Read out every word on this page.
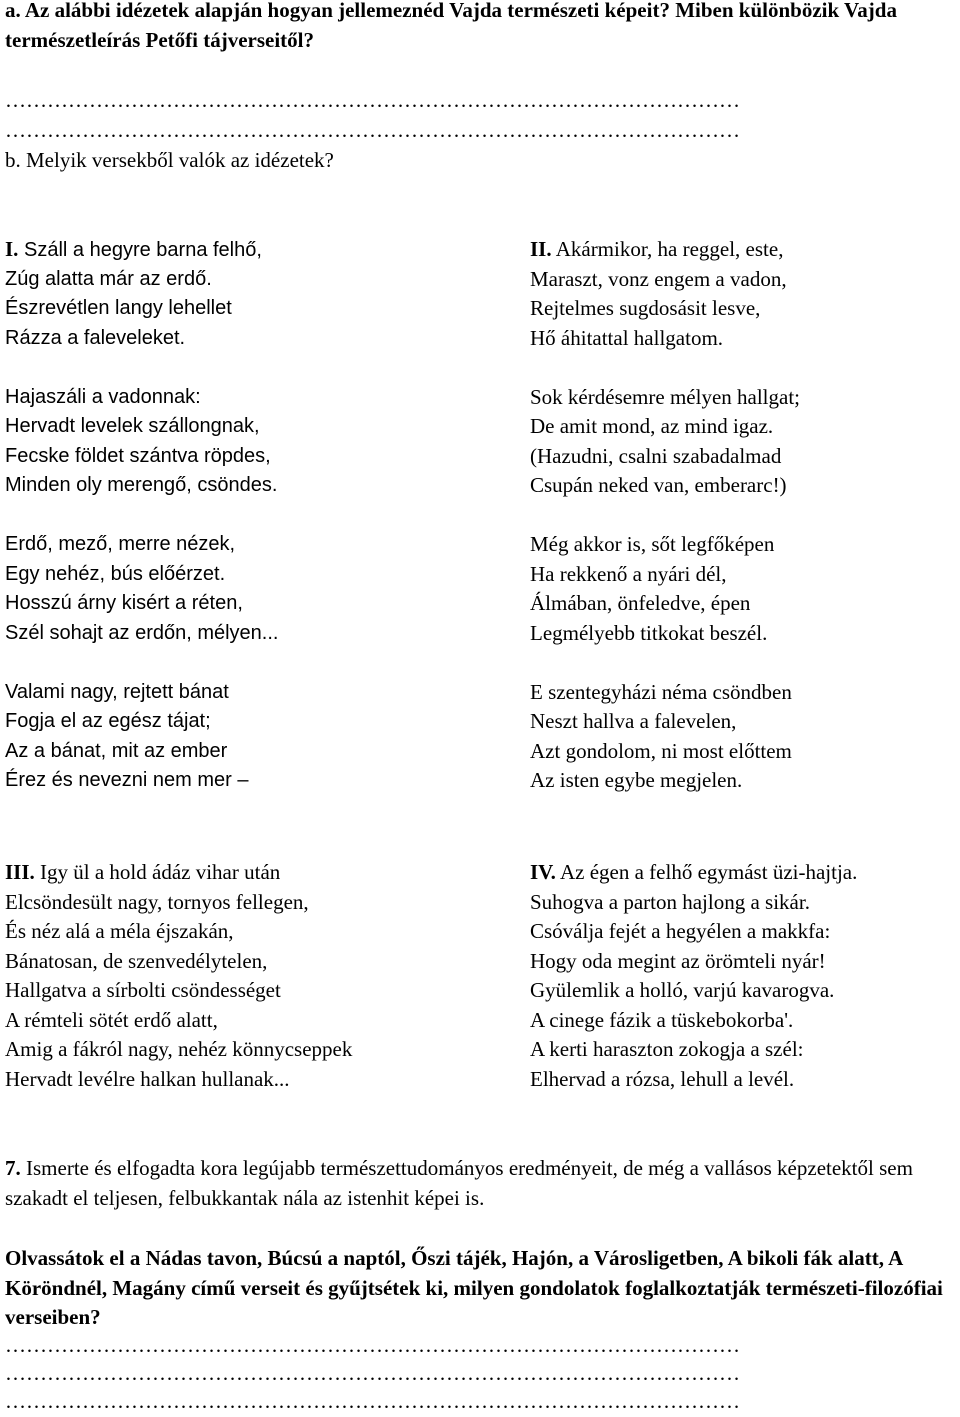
a. Az alábbi idézetek alapján hogyan jellemeznéd Vajda természeti képeit? Miben különbözik Vajda természetleírás Petőfi tájverseitől?
……………………………………………………………………………………………
……………………………………………………………………………………………
b. Melyik versekből valók az idézetek?
I. Száll a hegyre barna felhő,
Zúg alatta már az erdő.
Észrevétlen langy lehellet
Rázza a faleveleket.
Hajaszáli a vadonnak:
Hervadt levelek szállongnak,
Fecske földet szántva röpdes,
Minden oly merengő, csöndes.
Erdő, mező, merre nézek,
Egy nehéz, bús előérzet.
Hosszú árny kisért a réten,
Szél sohajt az erdőn, mélyen...
Valami nagy, rejtett bánat
Fogja el az egész tájat;
Az a bánat, mit az ember
Érez és nevezni nem mer –
II. Akármikor, ha reggel, este,
Maraszt, vonz engem a vadon,
Rejtelmes sugdosásit lesve,
Hő áhitattal hallgatom.
Sok kérdésemre mélyen hallgat;
De amit mond, az mind igaz.
(Hazudni, csalni szabadalmad
Csupán neked van, emberarc!)
Még akkor is, sőt legfőképen
Ha rekkenő a nyári dél,
Álmában, önfeledve, épen
Legmélyebb titkokat beszél.
E szentegyházi néma csöndben
Neszt hallva a falevelen,
Azt gondolom, ni most előttem
Az isten egybe megjelen.
III. Igy ül a hold ádáz vihar után
Elcsöndesült nagy, tornyos fellegen,
És néz alá a méla éjszakán,
Bánatosan, de szenvedélytelen,
Hallgatva a sírbolti csöndességet
A rémteli sötét erdő alatt,
Amig a fákról nagy, nehéz könnycseppek
Hervadt levélre halkan hullanak...
IV. Az égen a felhő egymást üzi-hajtja.
Suhogva a parton hajlong a sikár.
Csóválja fejét a hegyélen a makkfa:
Hogy oda megint az örömteli nyár!
Gyülemlik a holló, varjú kavarogva.
A cinege fázik a tüskebokorba'.
A kerti haraszton zokogja a szél:
Elhervad a rózsa, lehull a levél.
7. Ismerte és elfogadta kora legújabb természettudományos eredményeit, de még a vallásos képzetektől sem szakadt el teljesen, felbukkantak nála az istenhit képei is.
Olvassátok el a Nádas tavon, Búcsú a naptól, Őszi tájék, Hajón, a Városligetben, A bikoli fák alatt, A Köröndnél, Magány című verseit és gyűjtsétek ki, milyen gondolatok foglalkoztatják természeti-filozófiai verseiben?
……………………………………………………………………………………………
……………………………………………………………………………………………
……………………………………………………………………………………………
